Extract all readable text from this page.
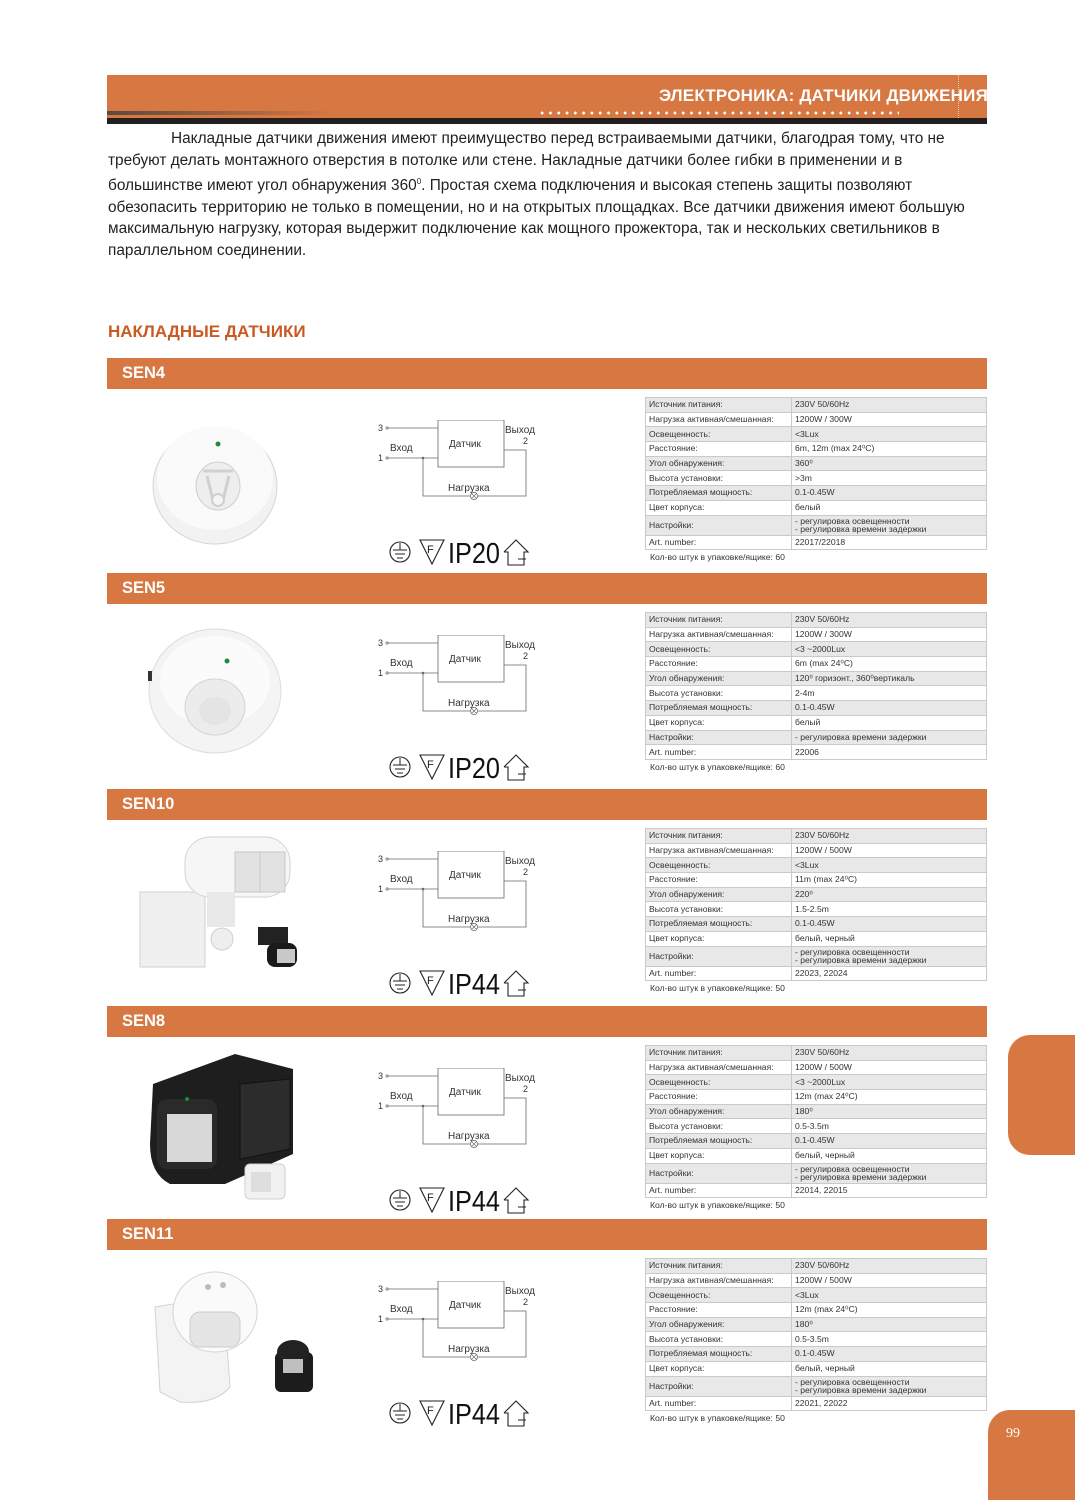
ЭЛЕКТРОНИКА: ДАТЧИКИ ДВИЖЕНИЯ

Накладные датчики движения имеют преимущество перед встраиваемыми датчики, благодрая тому, что не требуют делать монтажного отверстия в потолке или стене. Накладные датчики более гибки в применении и в большинстве имеют угол обнаружения $360^0$. Простая схема подключения и высокая степень защиты позволяют обезопасить территорию не только в помещении, но и на открытых площадках. Все датчики движения имеют большую максимальную нагрузку, которая выдержит подключение как мощного прожектора, так и нескольких светильников в параллельном соединении.

НАКЛАДНЫЕ ДАТЧИКИ
SEN4
3
1
Вход	Датчик
Выход
2
Нагрузка
F IP20
Источник питания:	230V 50/60Hz
Нагрузка активная/смешанная:	1200W / 300W
Освещенность:	<3Lux
Расстояние:	6m, 12m (max 24⁰C)
Угол обнаружения:	360⁰
Высота установки:	>3m
Потребляемая мощность:	0.1-0.45W
Цвет корпуса:	белый
Настройки:	- регулировка освещенности
- регулировка времени задержки
Art. number:	22017/22018
Кол-во штук в упаковке/ящике: 60
SEN5
3
1
Вход	Датчик
Выход
2
Нагрузка
F IP20
Источник питания:	230V 50/60Hz
Нагрузка активная/смешанная:	1200W / 300W
Освещенность:	<3 ~2000Lux
Расстояние:	6m (max 24⁰C)
Угол обнаружения:	120⁰ горизонт., 360⁰вертикаль
Высота установки:	2-4m
Потребляемая мощность:	0.1-0.45W
Цвет корпуса:	белый
Настройки:	- регулировка времени задержки
Art. number:	22006
Кол-во штук в упаковке/ящике: 60
SEN10
3
1
Вход	Датчик
Выход
2
Нагрузка
F IP44
Источник питания:	230V 50/60Hz
Нагрузка активная/смешанная:	1200W / 500W
Освещенность:	<3Lux
Расстояние:	11m (max 24⁰C)
Угол обнаружения:	220⁰
Высота установки:	1.5-2.5m
Потребляемая мощность:	0.1-0.45W
Цвет корпуса:	белый, черный
Настройки:	- регулировка освещенности
- регулировка времени задержки
Art. number:	22023, 22024
Кол-во штук в упаковке/ящике: 50
SEN8
3
1
Вход	Датчик
Выход
2
Нагрузка
F IP44
Источник питания:	230V 50/60Hz
Нагрузка активная/смешанная:	1200W / 500W
Освещенность:	<3 ~2000Lux
Расстояние:	12m (max 24⁰C)
Угол обнаружения:	180⁰
Высота установки:	0.5-3.5m
Потребляемая мощность:	0.1-0.45W
Цвет корпуса:	белый, черный
Настройки:	- регулировка освещенности
- регулировка времени задержки
Art. number:	22014, 22015
Кол-во штук в упаковке/ящике: 50
SEN11
3
1
Вход	Датчик
Выход
2
Нагрузка
F IP44
Источник питания:	230V 50/60Hz
Нагрузка активная/смешанная:	1200W / 500W
Освещенность:	<3Lux
Расстояние:	12m (max 24⁰C)
Угол обнаружения:	180⁰
Высота установки:	0.5-3.5m
Потребляемая мощность:	0.1-0.45W
Цвет корпуса:	белый, черный
Настройки:	- регулировка освещенности
- регулировка времени задержки
Art. number:	22021, 22022
Кол-во штук в упаковке/ящике: 50
99
